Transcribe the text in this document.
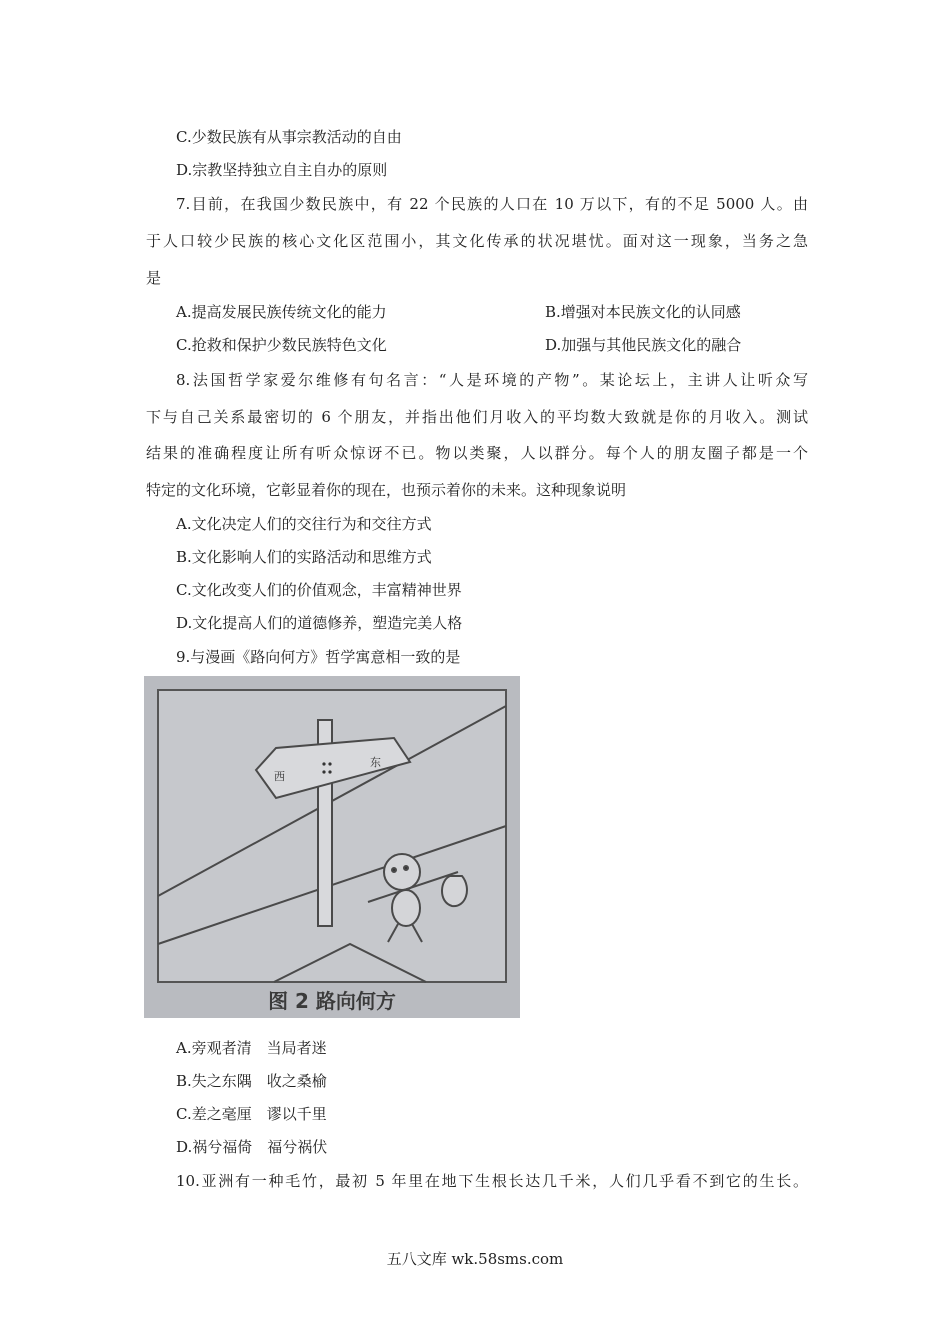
C.少数民族有从事宗教活动的自由
D.宗教坚持独立自主自办的原则
7.目前，在我国少数民族中，有 22 个民族的人口在 10 万以下，有的不足 5000 人。由
于人口较少民族的核心文化区范围小，其文化传承的状况堪忧。面对这一现象，当务之急
是
A.提高发展民族传统文化的能力	B.增强对本民族文化的认同感
C.抢救和保护少数民族特色文化	D.加强与其他民族文化的融合
8.法国哲学家爱尔维修有句名言：“人是环境的产物”。某论坛上，主讲人让听众写
下与自己关系最密切的 6 个朋友，并指出他们月收入的平均数大致就是你的月收入。测试
结果的准确程度让所有听众惊讶不已。物以类聚，人以群分。每个人的朋友圈子都是一个
特定的文化环境，它彰显着你的现在，也预示着你的未来。这种现象说明
A.文化决定人们的交往行为和交往方式
B.文化影响人们的实路活动和思维方式
C.文化改变人们的价值观念，丰富精神世界
D.文化提高人们的道德修养，塑造完美人格
9.与漫画《路向何方》哲学寓意相一致的是
西
东
图 2 路向何方
A.旁观者清　当局者迷
B.失之东隅　收之桑榆
C.差之毫厘　谬以千里
D.祸兮福倚　福兮祸伏
10.亚洲有一种毛竹，最初 5 年里在地下生根长达几千米，人们几乎看不到它的生长。
五八文库 wk.58sms.com
